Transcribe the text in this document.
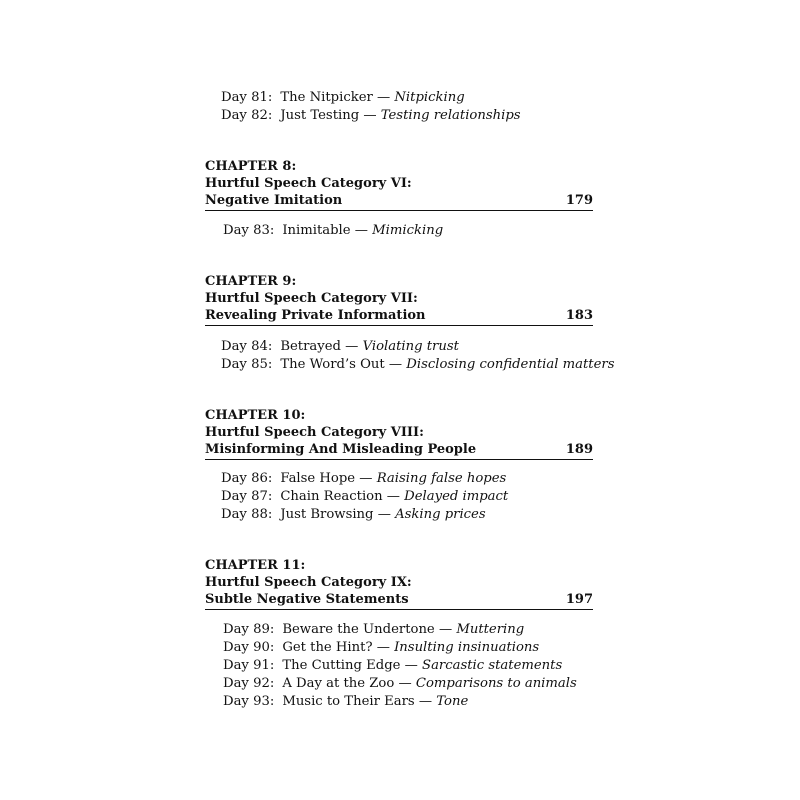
Day 81: The Nitpicker — Nitpicking
Day 82: Just Testing — Testing relationships
CHAPTER 8:
Hurtful Speech Category VI:
Negative Imitation	179
Day 83: Inimitable — Mimicking
CHAPTER 9:
Hurtful Speech Category VII:
Revealing Private Information	183
Day 84: Betrayed — Violating trust
Day 85: The Word’s Out — Disclosing confidential matters
CHAPTER 10:
Hurtful Speech Category VIII:
Misinforming And Misleading People	189
Day 86: False Hope — Raising false hopes
Day 87: Chain Reaction — Delayed impact
Day 88: Just Browsing — Asking prices
CHAPTER 11:
Hurtful Speech Category IX:
Subtle Negative Statements	197
Day 89: Beware the Undertone — Muttering
Day 90: Get the Hint? — Insulting insinuations
Day 91: The Cutting Edge — Sarcastic statements
Day 92: A Day at the Zoo — Comparisons to animals
Day 93: Music to Their Ears — Tone
